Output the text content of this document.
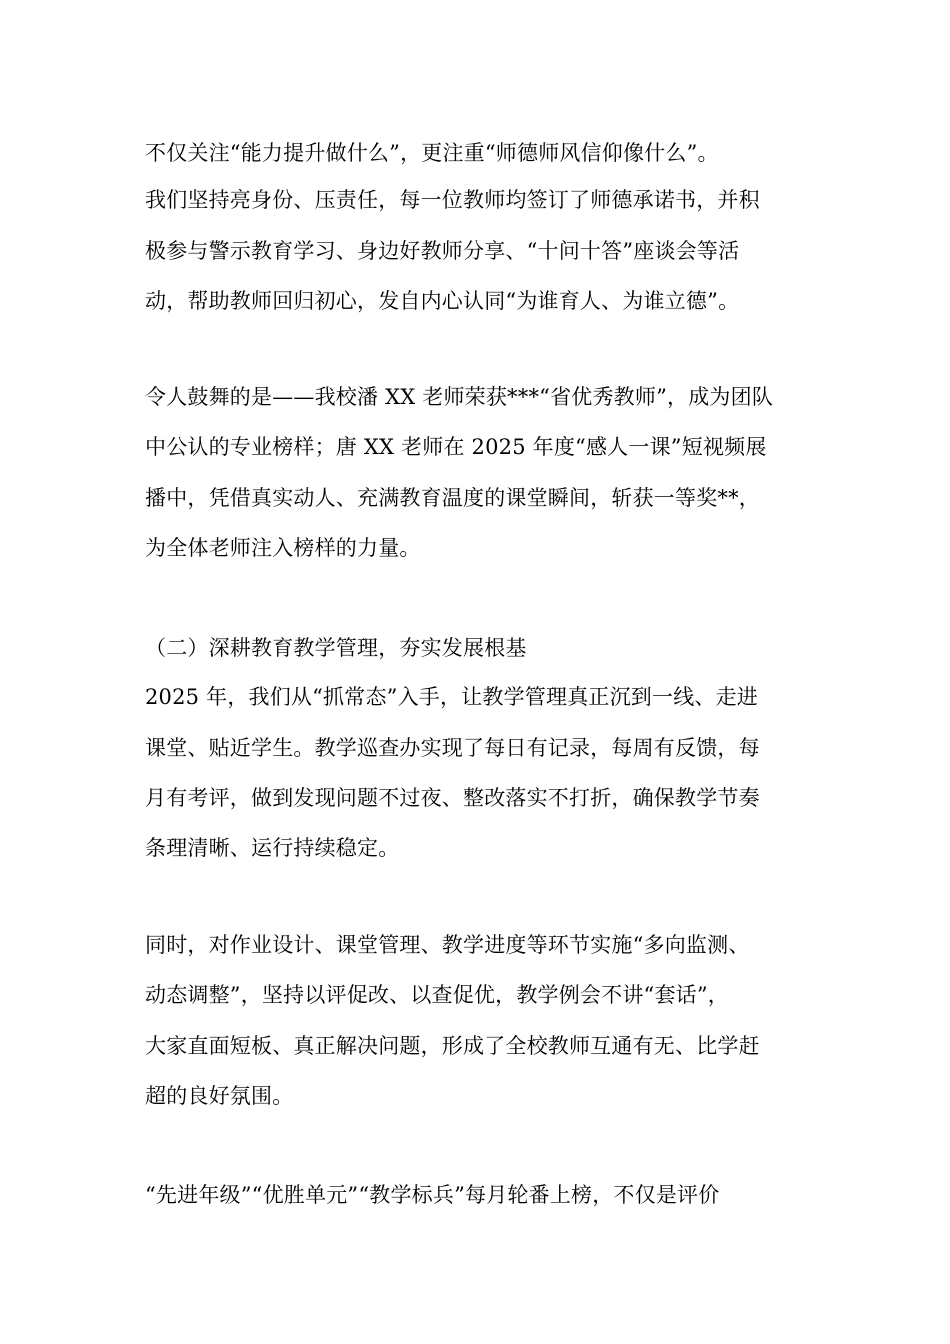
不仅关注“能力提升做什么”，更注重“师德师风信仰像什么”。
我们坚持亮身份、压责任，每一位教师均签订了师德承诺书，并积
极参与警示教育学习、身边好教师分享、“十问十答”座谈会等活
动，帮助教师回归初心，发自内心认同“为谁育人、为谁立德”。
令人鼓舞的是——我校潘 XX 老师荣获***“省优秀教师”，成为团队
中公认的专业榜样；唐 XX 老师在 2025 年度“感人一课”短视频展
播中，凭借真实动人、充满教育温度的课堂瞬间，斩获一等奖**，
为全体老师注入榜样的力量。
（二）深耕教育教学管理，夯实发展根基
2025 年，我们从“抓常态”入手，让教学管理真正沉到一线、走进
课堂、贴近学生。教学巡查办实现了每日有记录，每周有反馈，每
月有考评，做到发现问题不过夜、整改落实不打折，确保教学节奏
条理清晰、运行持续稳定。
同时，对作业设计、课堂管理、教学进度等环节实施“多向监测、
动态调整”，坚持以评促改、以查促优，教学例会不讲“套话”，
大家直面短板、真正解决问题，形成了全校教师互通有无、比学赶
超的良好氛围。
“先进年级”“优胜单元”“教学标兵”每月轮番上榜，不仅是评价
